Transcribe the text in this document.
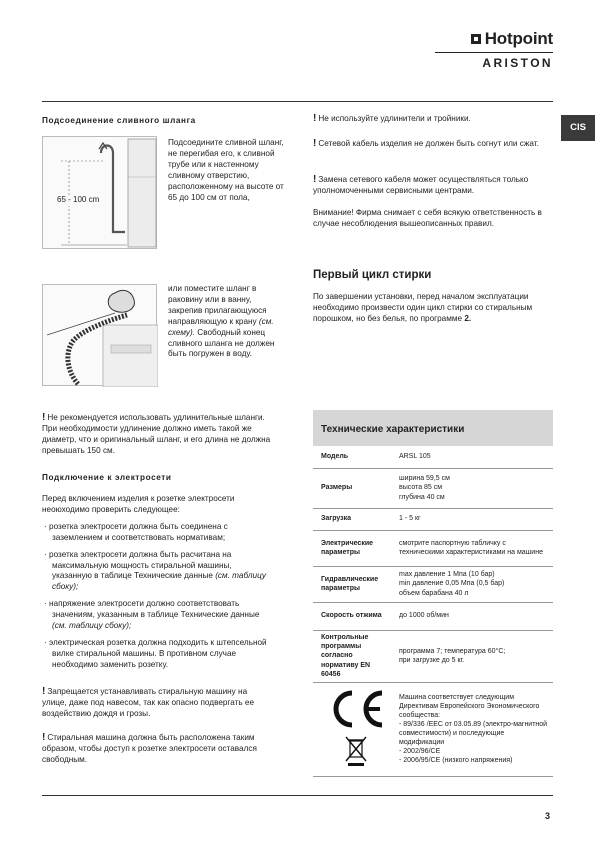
Hotpoint
ARISTON
CIS
Подсоединение сливного шланга
65 - 100 cm
Подсоедините сливной шланг, не перегибая его, к сливной трубе или к настенному сливному отверстию, расположенному на высоте от 65 до 100 см от пола,
или поместите шланг в раковину или в ванну, закрепив прилагающуюся направляющую к крану (см. схему). Свободный конец сливного шланга не должен быть погружен в воду.
! Не рекомендуется использовать удлинительные шланги. При необходимости удлинение должно иметь такой же диаметр, что и оригинальный шланг, и его длина не должна превышать 150 см.
Подключение к электросети

Перед включением изделия к розетке электросети неоюходимо проверить следующее:

· розетка электросети должна быть соединена с заземлением и соответствовать нормативам;
· розетка электросети должна быть расчитана на максимальную мощность стиральной машины, указанную в таблице Технические данные (см. таблицу сбоку);
· напряжение электросети должно соответствовать значениям, указанным в таблице Технические данные (см. таблицу сбоку);
· электрическая розетка должна подходить к штепсельной вилке стиральной машины. В противном случае необходимо заменить розетку.
! Запрещается устанавливать стиральную машину на улице, даже под навесом, так как опасно подвергать ее воздействию дождя и грозы.
! Стиральная машина должна быть расположена таким образом, чтобы доступ к розетке электросети оставался свободным.
! Не используйте удлинители и тройники.
! Сетевой кабель изделия не должен быть согнут или сжат.
! Замена сетевого кабеля может осуществляться только уполномоченными сервисными центрами.
Внимание! Фирма снимает с себя всякую ответственность в случае несоблюдения вышеописанных правил.
Первый цикл стирки
По завершении установки, перед началом эксплуатации необходимо произвести один цикл стирки со стиральным порошком, но без белья, по программе 2.
Технические характеристики
Модель	ARSL 105
Размеры	ширина 59,5 см
высота 85 см
глубина 40 см
Загрузка	1 - 5 кг
Электрические параметры	смотрите паспортную табличку с техническими характеристиками на машине
Гидравлические параметры	max давление 1 Mпа (10 бар)
min давление 0,05 Mпа (0,5 бар)
объем барабана 40 л
Скорость отжима	до 1000 об/мин
Контрольные программы согласно нормативу EN 60456	программа 7; температура 60°C;
при загрузке до 5 кг.
	Машина соответствует следующим Директивам Европейского Экономического сообщества:
- 89/336 /EEC от 03.05.89 (электро-магнитной совместимости) и последующие модификации
- 2002/96/CE
- 2006/95/CE (низкого напряжения)
3
